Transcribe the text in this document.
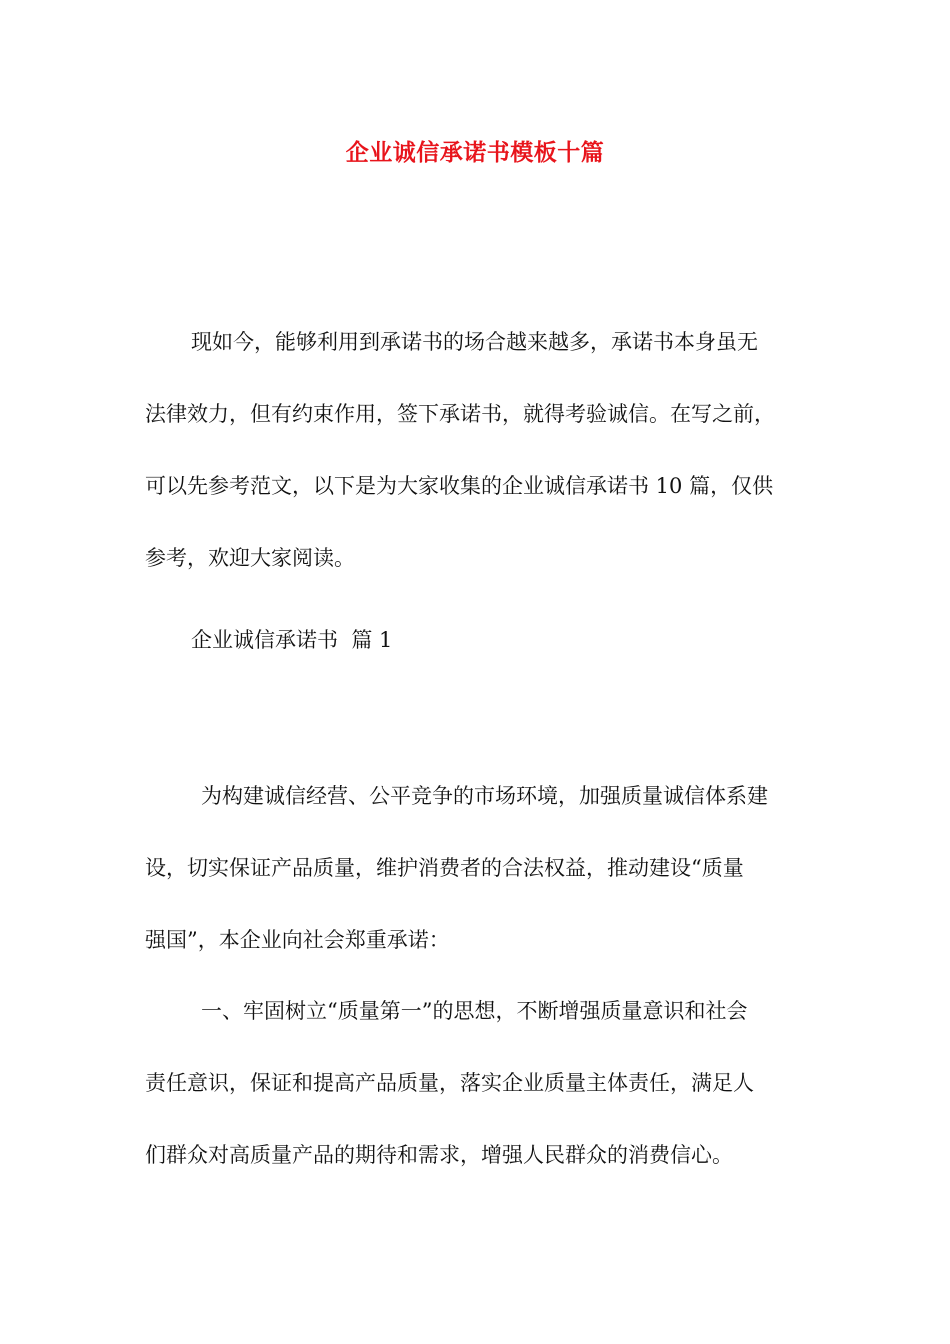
企业诚信承诺书模板十篇
现如今，能够利用到承诺书的场合越来越多，承诺书本身虽无
法律效力，但有约束作用，签下承诺书，就得考验诚信。在写之前，
可以先参考范文，以下是为大家收集的企业诚信承诺书 10 篇，仅供
参考，欢迎大家阅读。
企业诚信承诺书  篇 1
为构建诚信经营、公平竞争的市场环境，加强质量诚信体系建
设，切实保证产品质量，维护消费者的合法权益，推动建设“质量
强国”，本企业向社会郑重承诺：
一、牢固树立“质量第一”的思想，不断增强质量意识和社会
责任意识，保证和提高产品质量，落实企业质量主体责任，满足人
们群众对高质量产品的期待和需求，增强人民群众的消费信心。
